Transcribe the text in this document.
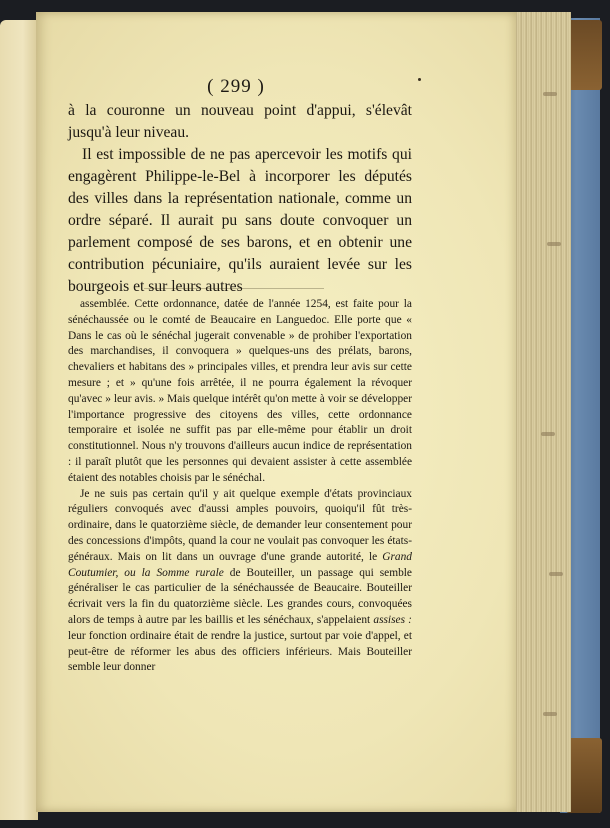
( 299 )

à la couronne un nouveau point d'appui, s'élevât jusqu'à leur niveau.

Il est impossible de ne pas apercevoir les motifs qui engagèrent Philippe-le-Bel à incorporer les députés des villes dans la représentation nationale, comme un ordre séparé. Il aurait pu sans doute convoquer un parlement composé de ses barons, et en obtenir une contribution pécuniaire, qu'ils auraient levée sur les bourgeois et sur leurs autres

assemblée. Cette ordonnance, datée de l'année 1254, est faite pour la sénéchaussée ou le comté de Beaucaire en Languedoc. Elle porte que « Dans le cas où le sénéchal jugerait convenable » de prohiber l'exportation des marchandises, il convoquera » quelques-uns des prélats, barons, chevaliers et habitans des » principales villes, et prendra leur avis sur cette mesure ; et » qu'une fois arrêtée, il ne pourra également la révoquer qu'avec » leur avis. » Mais quelque intérêt qu'on mette à voir se développer l'importance progressive des citoyens des villes, cette ordonnance temporaire et isolée ne suffit pas par elle-même pour établir un droit constitutionnel. Nous n'y trouvons d'ailleurs aucun indice de représentation : il paraît plutôt que les personnes qui devaient assister à cette assemblée étaient des notables choisis par le sénéchal.

Je ne suis pas certain qu'il y ait quelque exemple d'états provinciaux réguliers convoqués avec d'aussi amples pouvoirs, quoiqu'il fût très-ordinaire, dans le quatorzième siècle, de demander leur consentement pour des concessions d'impôts, quand la cour ne voulait pas convoquer les états-généraux. Mais on lit dans un ouvrage d'une grande autorité, le Grand Coutumier, ou la Somme rurale de Bouteiller, un passage qui semble généraliser le cas particulier de la sénéchaussée de Beaucaire. Bouteiller écrivait vers la fin du quatorzième siècle. Les grandes cours, convoquées alors de temps à autre par les baillis et les sénéchaux, s'appelaient assises : leur fonction ordinaire était de rendre la justice, surtout par voie d'appel, et peut-être de réformer les abus des officiers inférieurs. Mais Bouteiller semble leur donner
